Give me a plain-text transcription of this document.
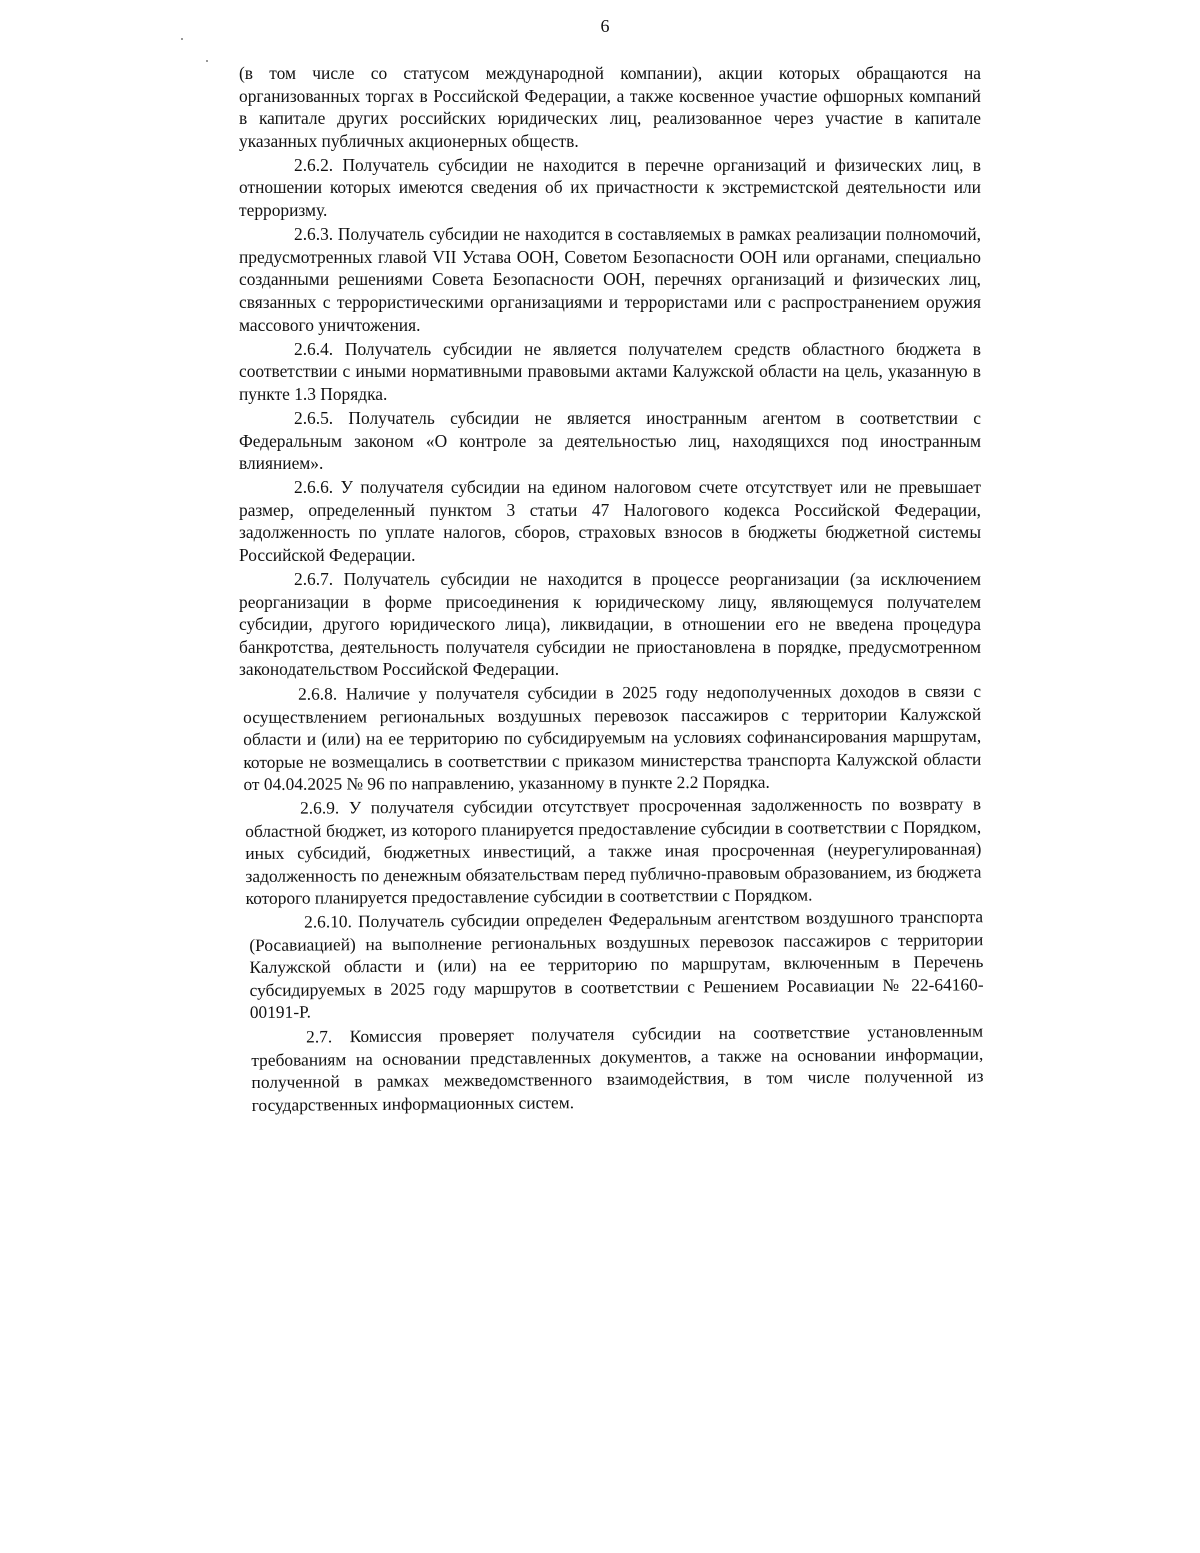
6

(в том числе со статусом международной компании), акции которых обращаются на организованных торгах в Российской Федерации, а также косвенное участие офшорных компаний в капитале других российских юридических лиц, реализованное через участие в капитале указанных публичных акционерных обществ.

2.6.2. Получатель субсидии не находится в перечне организаций и физических лиц, в отношении которых имеются сведения об их причастности к экстремистской деятельности или терроризму.

2.6.3. Получатель субсидии не находится в составляемых в рамках реализации полномочий, предусмотренных главой VII Устава ООН, Советом Безопасности ООН или органами, специально созданными решениями Совета Безопасности ООН, перечнях организаций и физических лиц, связанных с террористическими организациями и террористами или с распространением оружия массового уничтожения.

2.6.4. Получатель субсидии не является получателем средств областного бюджета в соответствии с иными нормативными правовыми актами Калужской области на цель, указанную в пункте 1.3 Порядка.

2.6.5. Получатель субсидии не является иностранным агентом в соответствии с Федеральным законом «О контроле за деятельностью лиц, находящихся под иностранным влиянием».

2.6.6. У получателя субсидии на едином налоговом счете отсутствует или не превышает размер, определенный пунктом 3 статьи 47 Налогового кодекса Российской Федерации, задолженность по уплате налогов, сборов, страховых взносов в бюджеты бюджетной системы Российской Федерации.

2.6.7. Получатель субсидии не находится в процессе реорганизации (за исключением реорганизации в форме присоединения к юридическому лицу, являющемуся получателем субсидии, другого юридического лица), ликвидации, в отношении его не введена процедура банкротства, деятельность получателя субсидии не приостановлена в порядке, предусмотренном законодательством Российской Федерации.

2.6.8. Наличие у получателя субсидии в 2025 году недополученных доходов в связи с осуществлением региональных воздушных перевозок пассажиров с территории Калужской области и (или) на ее территорию по субсидируемым на условиях софинансирования маршрутам, которые не возмещались в соответствии с приказом министерства транспорта Калужской области от 04.04.2025 № 96 по направлению, указанному в пункте 2.2 Порядка.

2.6.9. У получателя субсидии отсутствует просроченная задолженность по возврату в областной бюджет, из которого планируется предоставление субсидии в соответствии с Порядком, иных субсидий, бюджетных инвестиций, а также иная просроченная (неурегулированная) задолженность по денежным обязательствам перед публично-правовым образованием, из бюджета которого планируется предоставление субсидии в соответствии с Порядком.

2.6.10. Получатель субсидии определен Федеральным агентством воздушного транспорта (Росавиацией) на выполнение региональных воздушных перевозок пассажиров с территории Калужской области и (или) на ее территорию по маршрутам, включенным в Перечень субсидируемых в 2025 году маршрутов в соответствии с Решением Росавиации № 22-64160-00191-Р.

2.7. Комиссия проверяет получателя субсидии на соответствие установленным требованиям на основании представленных документов, а также на основании информации, полученной в рамках межведомственного взаимодействия, в том числе полученной из государственных информационных систем.
